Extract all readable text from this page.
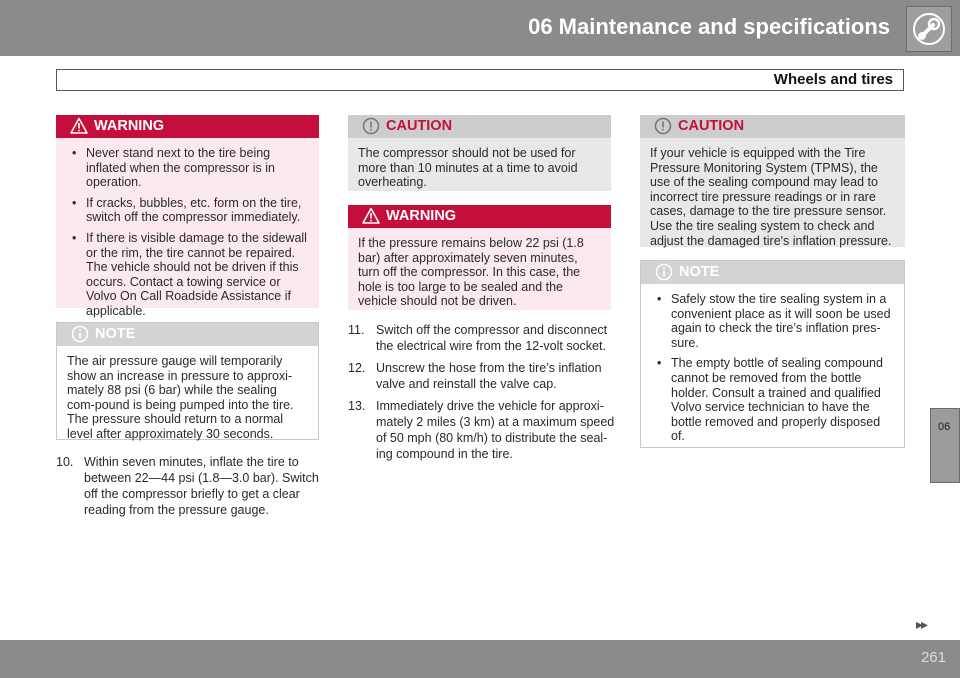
06 Maintenance and specifications
Wheels and tires
06
WARNING
• Never stand next to the tire being inflated when the compressor is in operation.
• If cracks, bubbles, etc. form on the tire, switch off the compressor immediately.
• If there is visible damage to the sidewall or the rim, the tire cannot be repaired. The vehicle should not be driven if this occurs. Contact a towing service or Volvo On Call Roadside Assistance if applicable.
NOTE

The air pressure gauge will temporarily show an increase in pressure to approxi-mately 88 psi (6 bar) while the sealing com-pound is being pumped into the tire. The pressure should return to a normal level after approximately 30 seconds.

10. Within seven minutes, inflate the tire to between 22—44 psi (1.8—3.0 bar). Switch off the compressor briefly to get a clear reading from the pressure gauge.
CAUTION

The compressor should not be used for more than 10 minutes at a time to avoid overheating.

WARNING

If the pressure remains below 22 psi (1.8 bar) after approximately seven minutes, turn off the compressor. In this case, the hole is too large to be sealed and the vehicle should not be driven.

11. Switch off the compressor and disconnect the electrical wire from the 12-volt socket.
12. Unscrew the hose from the tire’s inflation valve and reinstall the valve cap.
13. Immediately drive the vehicle for approxi-mately 2 miles (3 km) at a maximum speed of 50 mph (80 km/h) to distribute the seal-ing compound in the tire.
CAUTION

If your vehicle is equipped with the Tire Pressure Monitoring System (TPMS), the use of the sealing compound may lead to incorrect tire pressure readings or in rare cases, damage to the tire pressure sensor. Use the tire sealing system to check and adjust the damaged tire's inflation pressure.

NOTE
• Safely stow the tire sealing system in a convenient place as it will soon be used again to check the tire’s inflation pres-sure.
• The empty bottle of sealing compound cannot be removed from the bottle holder. Consult a trained and qualified Volvo service technician to have the bottle removed and properly disposed of.
▸▸
261
